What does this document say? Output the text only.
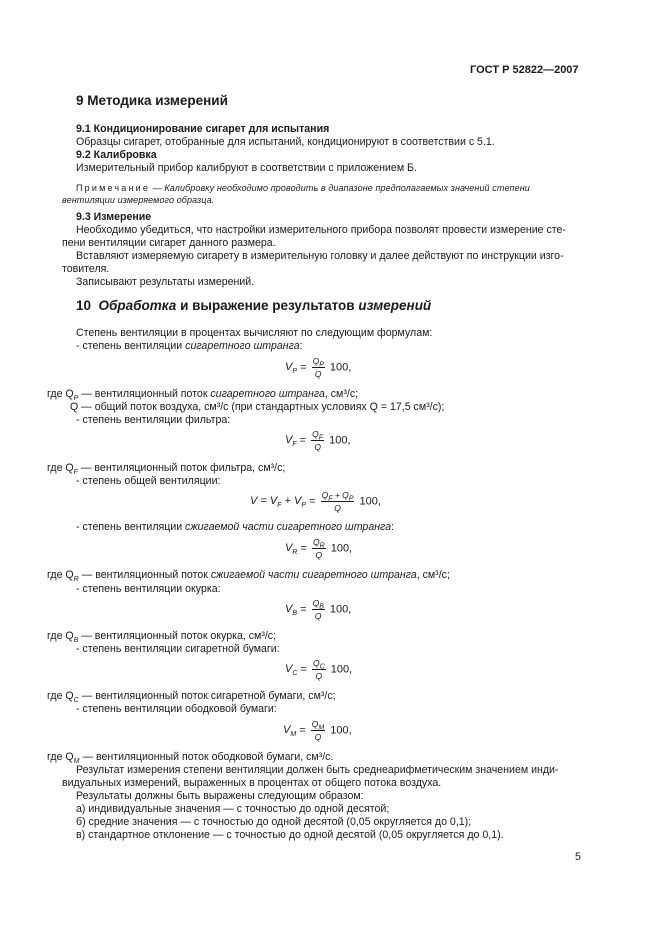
ГОСТ Р 52822—2007
9 Методика измерений
9.1 Кондиционирование сигарет для испытания
Образцы сигарет, отобранные для испытаний, кондиционируют в соответствии с 5.1.
9.2 Калибровка
Измерительный прибор калибруют в соответствии с приложением Б.
Примечание — Калибровку необходимо проводить в диапазоне предполагаемых значений степени
вентиляции измеряемого образца.
9.3 Измерение
Необходимо убедиться, что настройки измерительного прибора позволят провести измерение сте-
пени вентиляции сигарет данного размера.
Вставляют измеряемую сигарету в измерительную головку и далее действуют по инструкции изго-
товителя.
Записывают результаты измерений.
10 Обработка и выражение результатов измерений
Степень вентиляции в процентах вычисляют по следующим формулам:
- степень вентиляции сигаретного штранга:
$V_P = \frac{Q_P}{Q} 100$,
где $Q_P$ — вентиляционный поток сигаретного штранга, см³/с;
Q — общий поток воздуха, см³/с (при стандартных условиях Q = 17,5 см³/с);
- степень вентиляции фильтра:
$V_F = \frac{Q_F}{Q} 100$,
где $Q_F$ — вентиляционный поток фильтра, см³/с;
- степень общей вентиляции:
$V = V_F + V_P = \frac{Q_F + Q_P}{Q} 100$,
- степень вентиляции сжигаемой части сигаретного штранга:
$V_R = \frac{Q_R}{Q} 100$,
где $Q_R$ — вентиляционный поток сжигаемой части сигаретного штранга, см³/с;
- степень вентиляции окурка:
$V_B = \frac{Q_B}{Q} 100$,
где $Q_B$ — вентиляционный поток окурка, см³/с;
- степень вентиляции сигаретной бумаги:
$V_C = \frac{Q_C}{Q} 100$,
где $Q_C$ — вентиляционный поток сигаретной бумаги, см³/с;
- степень вентиляции ободковой бумаги:
$V_M = \frac{Q_M}{Q} 100$,
где $Q_M$ — вентиляционный поток ободковой бумаги, см³/с.
Результат измерения степени вентиляции должен быть среднеарифметическим значением инди-
видуальных измерений, выраженных в процентах от общего потока воздуха.
Результаты должны быть выражены следующим образом:
а) индивидуальные значения — с точностью до одной десятой;
б) средние значения — с точностью до одной десятой (0,05 округляется до 0,1);
в) стандартное отклонение — с точностью до одной десятой (0,05 округляется до 0,1).
5
